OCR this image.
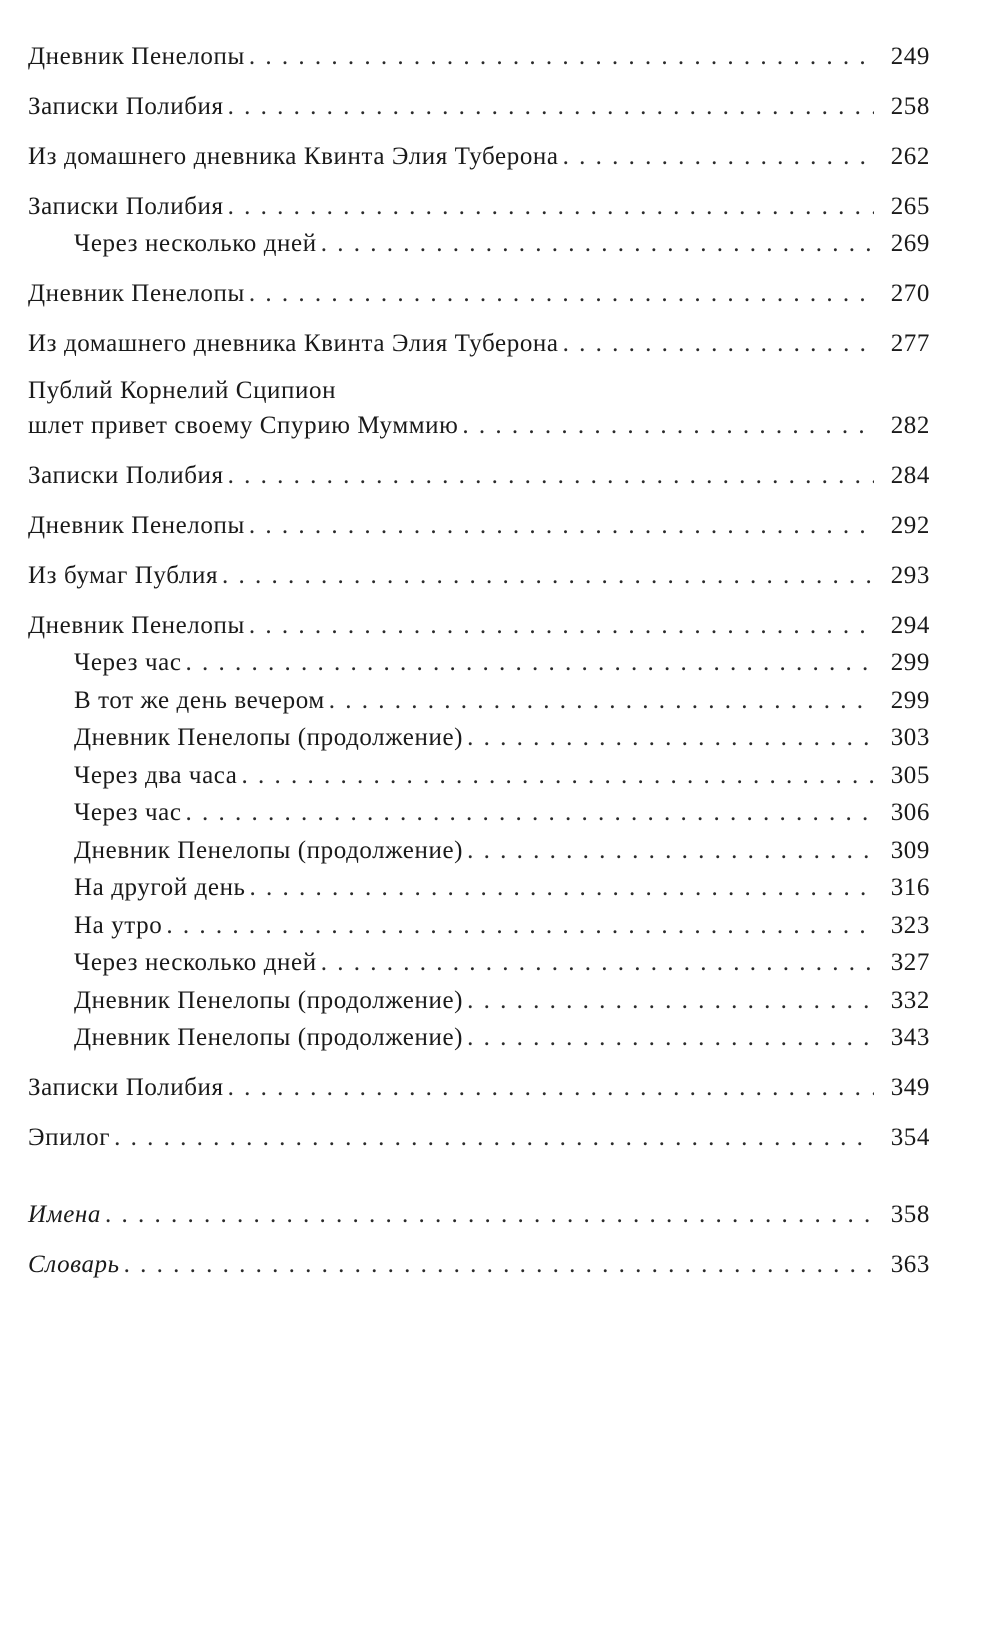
Дневник Пенелопы . . .	249
Записки Полибия . . .	258
Из домашнего дневника Квинта Элия Туберона . . .	262
Записки Полибия . . .	265
Через несколько дней . . .	269
Дневник Пенелопы . . .	270
Из домашнего дневника Квинта Элия Туберона . . .	277
Публий Корнелий Сципион
шлет привет своему Спурию Муммию . . .	282
Записки Полибия . . .	284
Дневник Пенелопы . . .	292
Из бумаг Публия . . .	293
Дневник Пенелопы . . .	294
Через час . . .	299
В тот же день вечером . . .	299
Дневник Пенелопы (продолжение) . . .	303
Через два часа . . .	305
Через час . . .	306
Дневник Пенелопы (продолжение) . . .	309
На другой день . . .	316
На утро . . .	323
Через несколько дней . . .	327
Дневник Пенелопы (продолжение) . . .	332
Дневник Пенелопы (продолжение) . . .	343
Записки Полибия . . .	349
Эпилог . . .	354
Имена . . .	358
Словарь . . .	363
